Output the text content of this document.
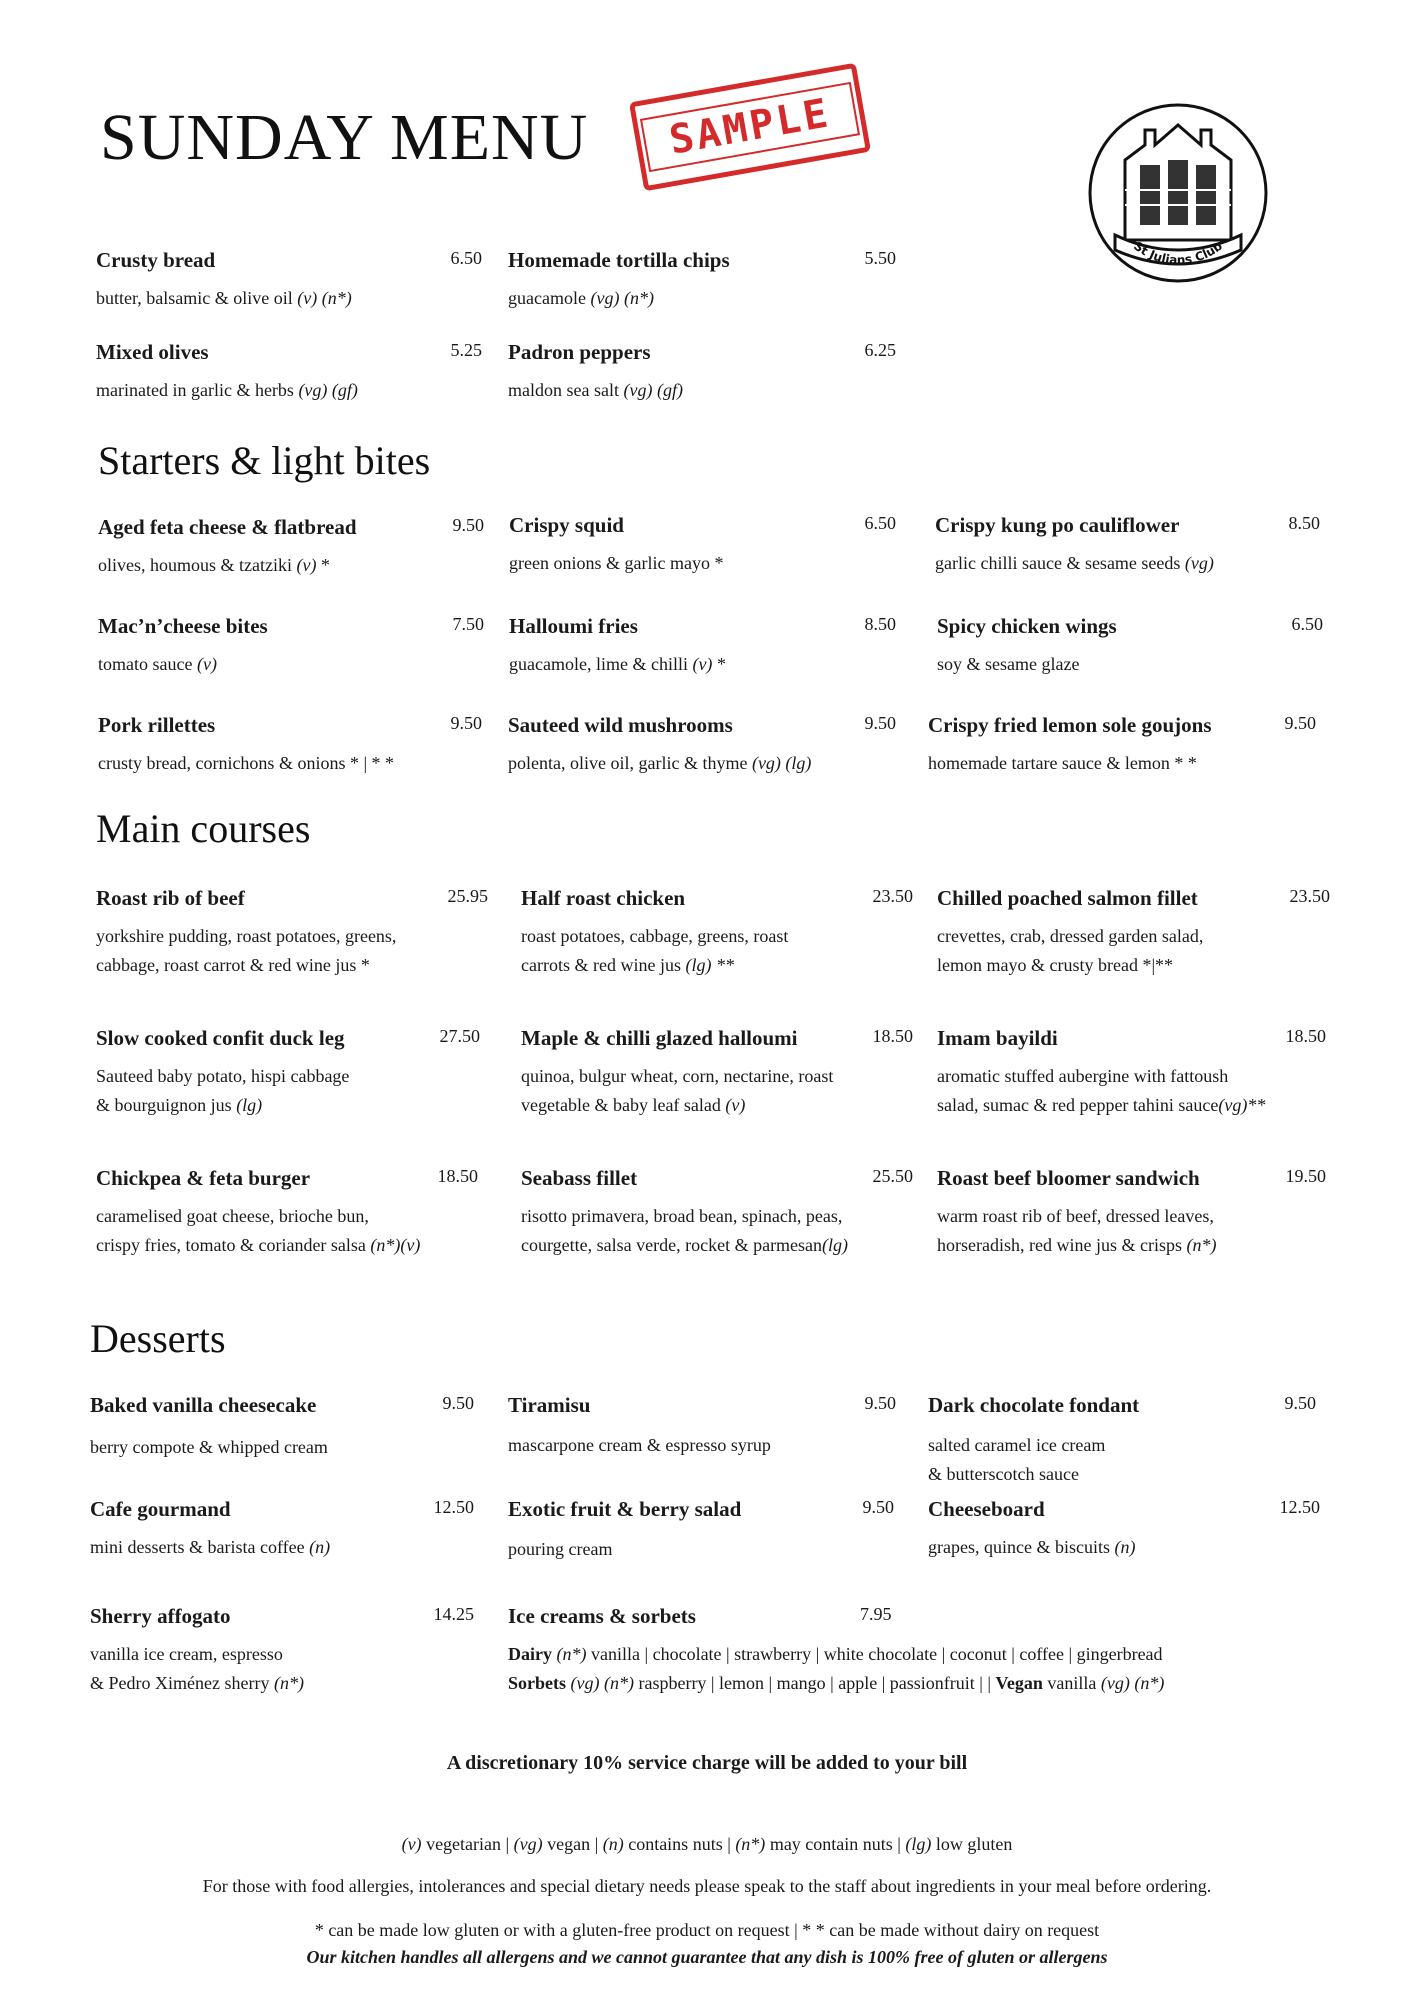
SUNDAY MENU	SAMPLE
St Julians Club
Crusty bread	6.50
butter, balsamic & olive oil (v) (n*)
Homemade tortilla chips	5.50
guacamole (vg) (n*)
Mixed olives	5.25
marinated in garlic & herbs (vg) (gf)
Padron peppers	6.25
maldon sea salt (vg) (gf)
Starters & light bites
Aged feta cheese & flatbread	9.50
olives, houmous & tzatziki (v) *
Crispy squid	6.50
green onions & garlic mayo *
Crispy kung po cauliflower	8.50
garlic chilli sauce & sesame seeds (vg)
Mac’n’cheese bites	7.50
tomato sauce (v)
Halloumi fries	8.50
guacamole, lime & chilli (v) *
Spicy chicken wings	6.50
soy & sesame glaze
Pork rillettes	9.50
crusty bread, cornichons & onions * | * *
Sauteed wild mushrooms	9.50
polenta, olive oil, garlic & thyme (vg) (lg)
Crispy fried lemon sole goujons	9.50
homemade tartare sauce & lemon * *
Main courses
Roast rib of beef	25.95
yorkshire pudding, roast potatoes, greens,
cabbage, roast carrot & red wine jus *
Half roast chicken	23.50
roast potatoes, cabbage, greens, roast
carrots & red wine jus (lg) **
Chilled poached salmon fillet	23.50
crevettes, crab, dressed garden salad,
lemon mayo & crusty bread *|**
Slow cooked confit duck leg	27.50
Sauteed baby potato, hispi cabbage
& bourguignon jus (lg)
Maple & chilli glazed halloumi	18.50
quinoa, bulgur wheat, corn, nectarine, roast
vegetable & baby leaf salad (v)
Imam bayildi	18.50
aromatic stuffed aubergine with fattoush
salad, sumac & red pepper tahini sauce(vg)**
Chickpea & feta burger	18.50
caramelised goat cheese, brioche bun,
crispy fries, tomato & coriander salsa (n*)(v)
Seabass fillet	25.50
risotto primavera, broad bean, spinach, peas,
courgette, salsa verde, rocket & parmesan(lg)
Roast beef bloomer sandwich	19.50
warm roast rib of beef, dressed leaves,
horseradish, red wine jus & crisps (n*)
Desserts
Baked vanilla cheesecake	9.50
berry compote & whipped cream
Tiramisu	9.50
mascarpone cream & espresso syrup
Dark chocolate fondant	9.50
salted caramel ice cream
& butterscotch sauce
Cafe gourmand	12.50
mini desserts & barista coffee (n)
Exotic fruit & berry salad	9.50
pouring cream
Cheeseboard	12.50
grapes, quince & biscuits (n)
Sherry affogato	14.25
vanilla ice cream, espresso
& Pedro Ximénez sherry (n*)
Ice creams & sorbets	7.95
Dairy (n*) vanilla | chocolate | strawberry | white chocolate | coconut | coffee | gingerbread
Sorbets (vg) (n*) raspberry | lemon | mango | apple | passionfruit | | Vegan vanilla (vg) (n*)
A discretionary 10% service charge will be added to your bill
(v) vegetarian | (vg) vegan | (n) contains nuts | (n*) may contain nuts | (lg) low gluten
For those with food allergies, intolerances and special dietary needs please speak to the staff about ingredients in your meal before ordering.
* can be made low gluten or with a gluten-free product on request | * * can be made without dairy on request
Our kitchen handles all allergens and we cannot guarantee that any dish is 100% free of gluten or allergens
